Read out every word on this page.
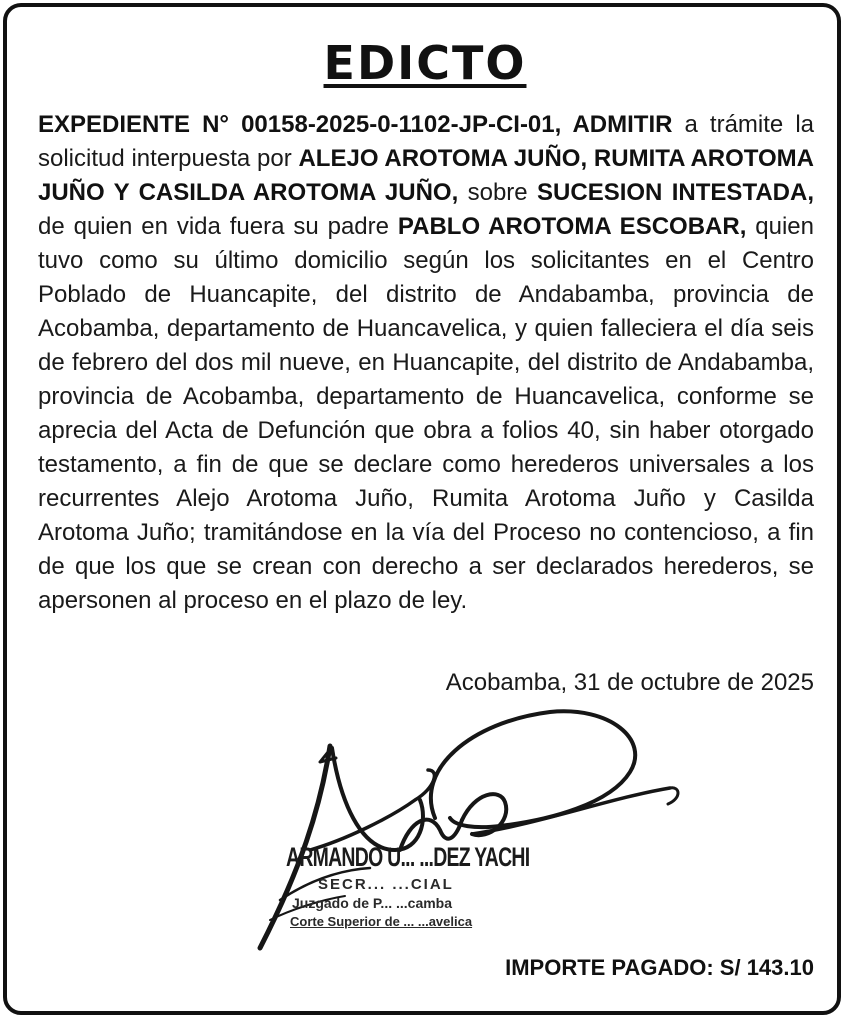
EDICTO

EXPEDIENTE N° 00158-2025-0-1102-JP-CI-01, ADMITIR a trámite la solicitud interpuesta por ALEJO AROTOMA JUÑO, RUMITA AROTOMA JUÑO Y CASILDA AROTOMA JUÑO, sobre SUCESION INTESTADA, de quien en vida fuera su padre PABLO AROTOMA ESCOBAR, quien tuvo como su último domicilio según los solicitantes en el Centro Poblado de Huancapite, del distrito de Andabamba, provincia de Acobamba, departamento de Huancavelica, y quien falleciera el día seis de febrero del dos mil nueve, en Huancapite, del distrito de Andabamba, provincia de Acobamba, departamento de Huancavelica, conforme se aprecia del Acta de Defunción que obra a folios 40, sin haber otorgado testamento, a fin de que se declare como herederos universales a los recurrentes Alejo Arotoma Juño, Rumita Arotoma Juño y Casilda Arotoma Juño; tramitándose en la vía del Proceso no contencioso, a fin de que los que se crean con derecho a ser declarados herederos, se apersonen al proceso en el plazo de ley.

Acobamba, 31 de octubre de 2025
ARMANDO U... ...DEZ YACHI
SECR... ...CIAL
Juzgado de P... ...camba
Corte Superior de ... ...avelica
IMPORTE PAGADO: S/ 143.10
